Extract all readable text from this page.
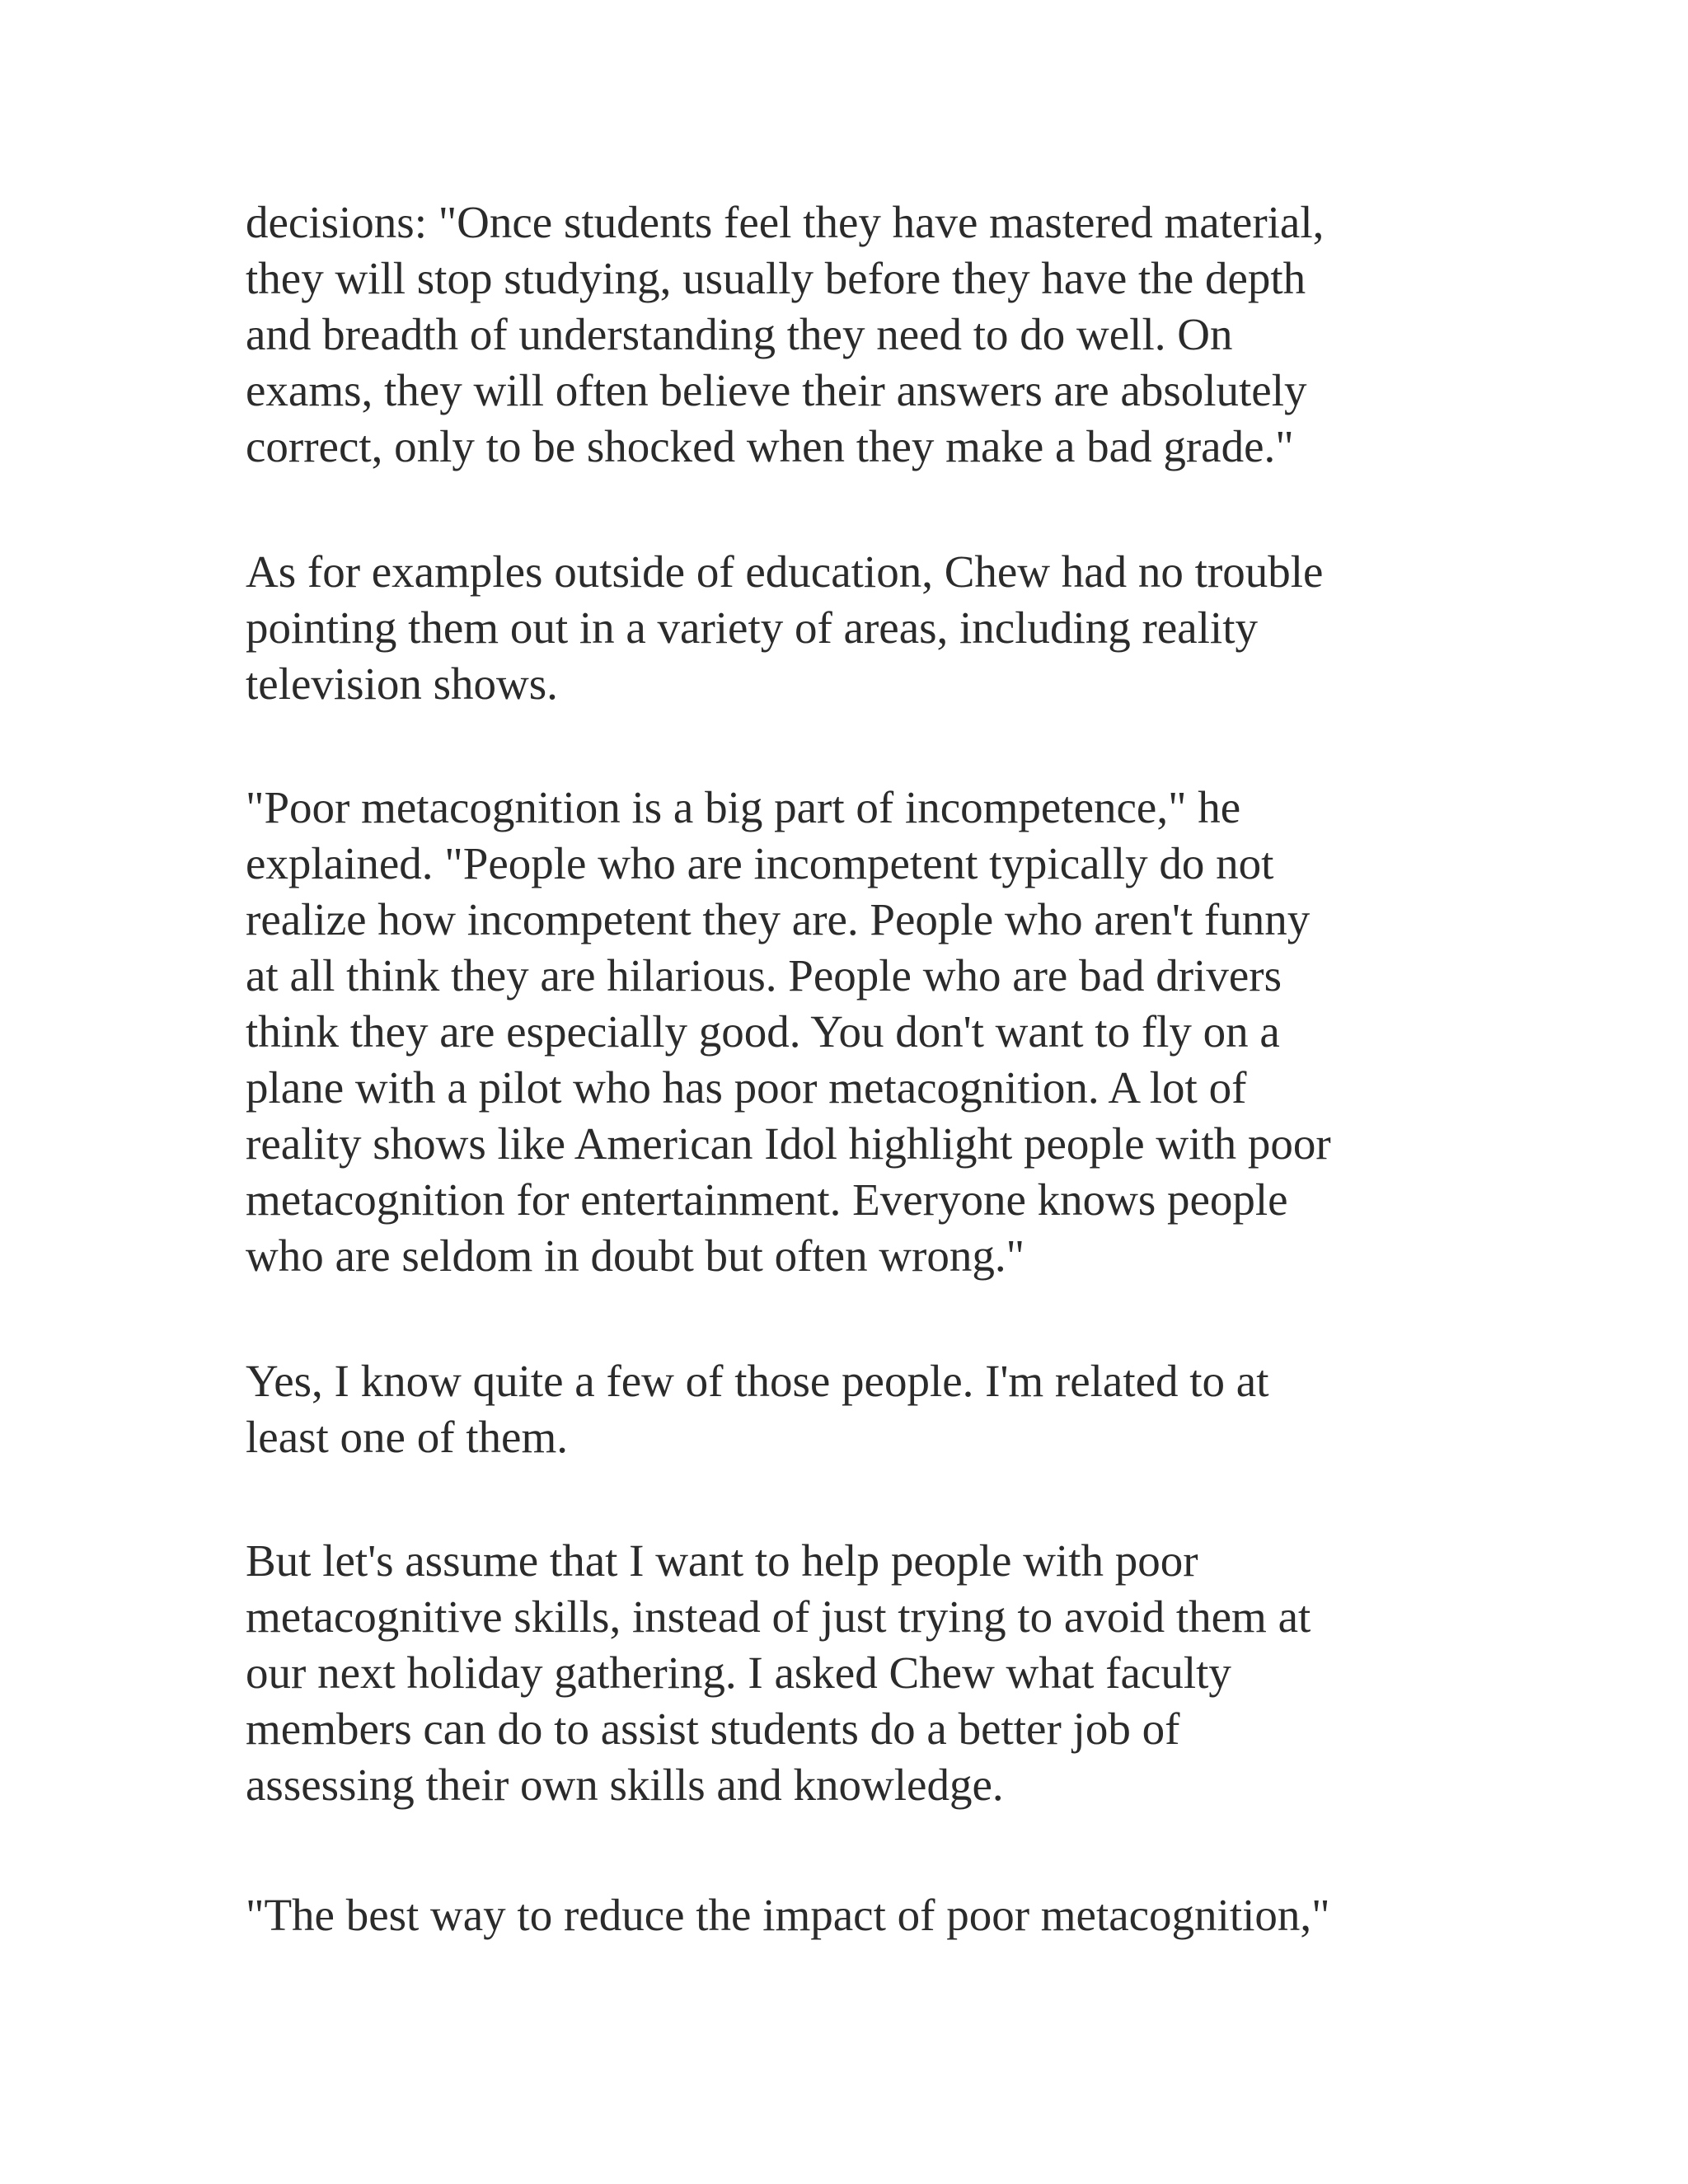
decisions: "Once students feel they have mastered material,
they will stop studying, usually before they have the depth
and breadth of understanding they need to do well. On
exams, they will often believe their answers are absolutely
correct, only to be shocked when they make a bad grade."
As for examples outside of education, Chew had no trouble
pointing them out in a variety of areas, including reality
television shows.
"Poor metacognition is a big part of incompetence," he
explained. "People who are incompetent typically do not
realize how incompetent they are. People who aren't funny
at all think they are hilarious. People who are bad drivers
think they are especially good. You don't want to fly on a
plane with a pilot who has poor metacognition. A lot of
reality shows like American Idol highlight people with poor
metacognition for entertainment. Everyone knows people
who are seldom in doubt but often wrong."
Yes, I know quite a few of those people. I'm related to at
least one of them.
But let's assume that I want to help people with poor
metacognitive skills, instead of just trying to avoid them at
our next holiday gathering. I asked Chew what faculty
members can do to assist students do a better job of
assessing their own skills and knowledge.
"The best way to reduce the impact of poor metacognition,"
